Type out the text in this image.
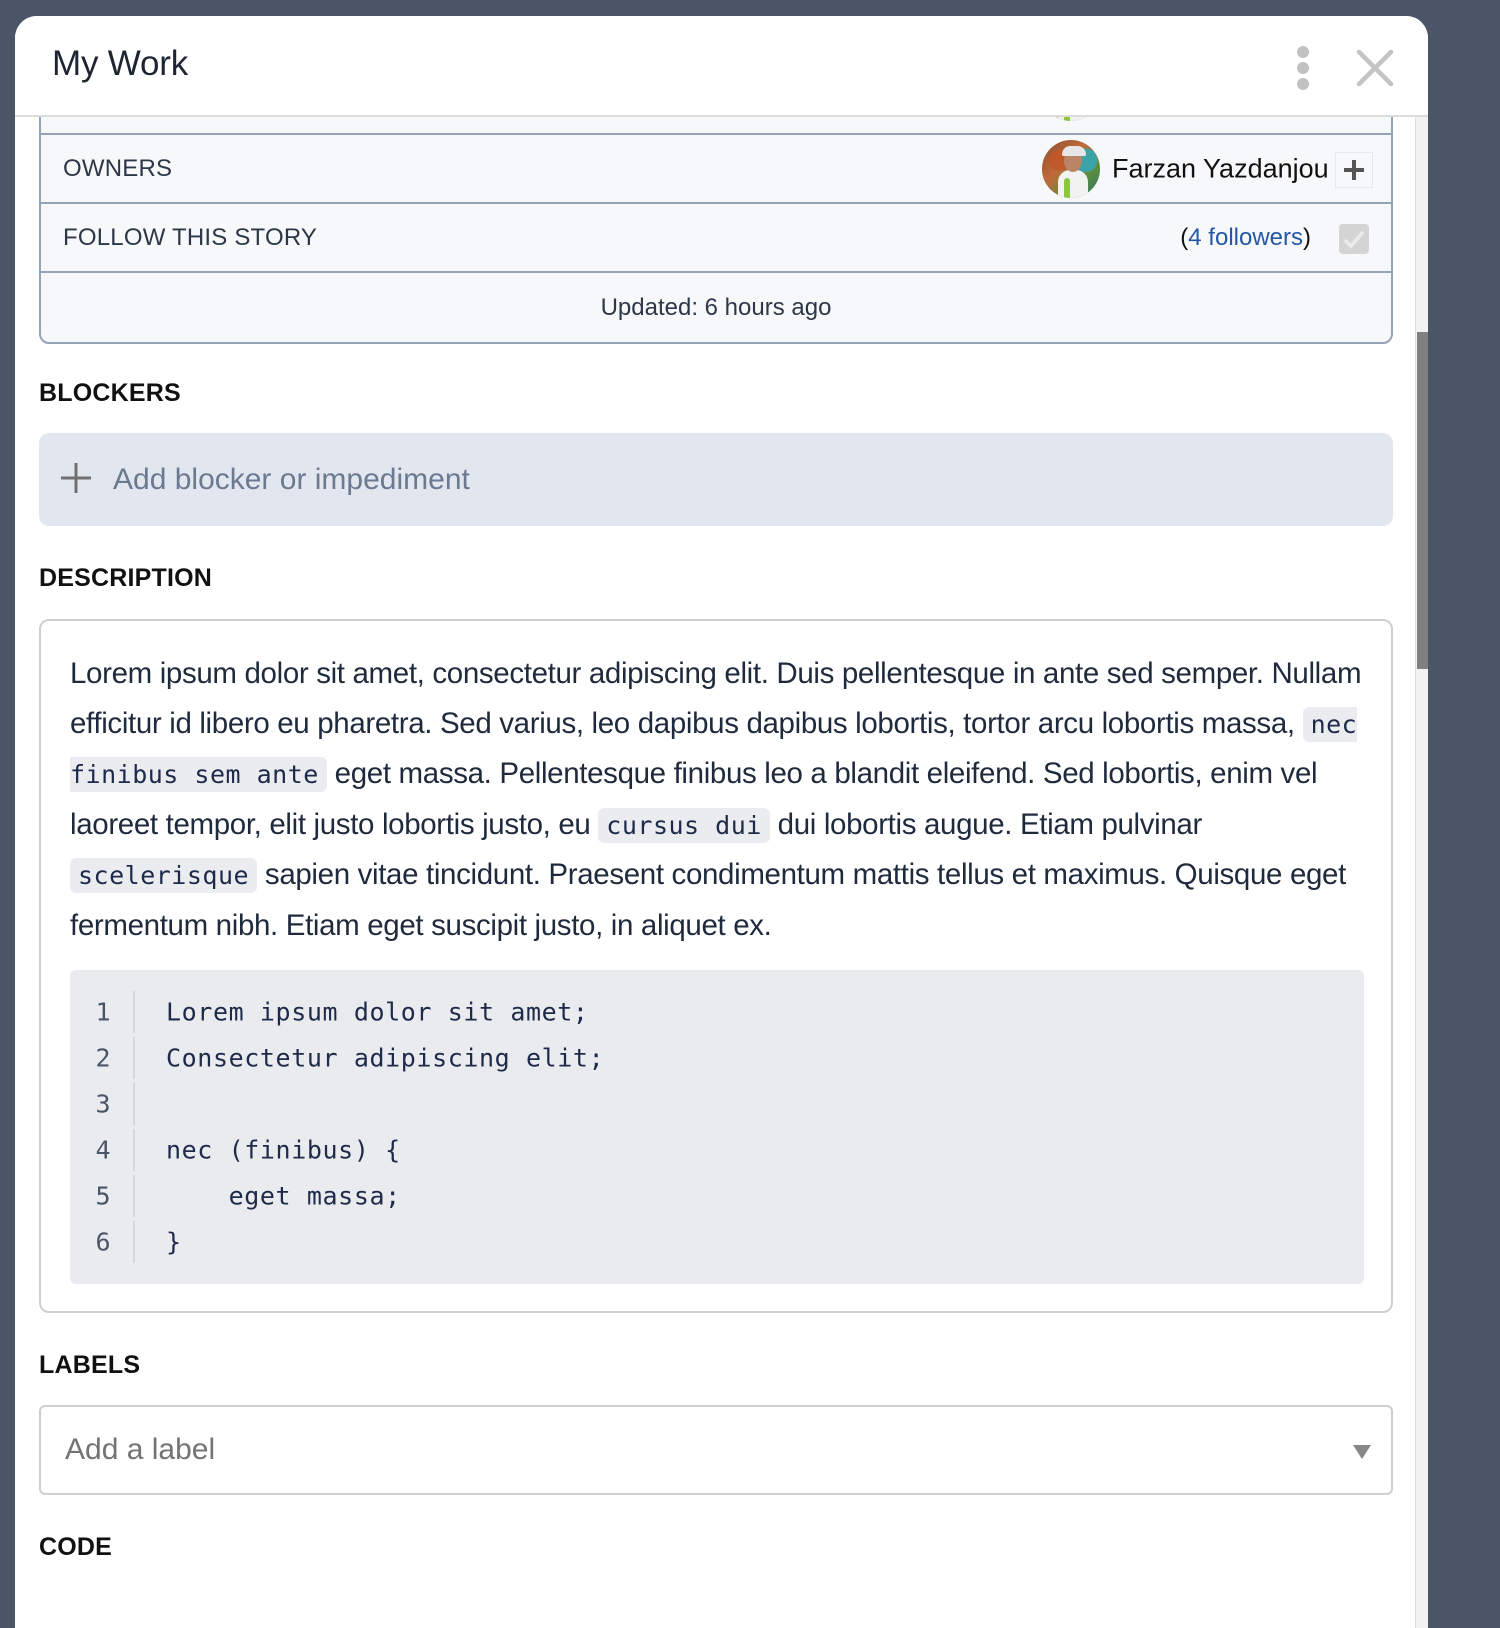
My Work
OWNERS	Farzan Yazdanjou
FOLLOW THIS STORY	(4 followers)
Updated: 6 hours ago
BLOCKERS
Add blocker or impediment
DESCRIPTION
Lorem ipsum dolor sit amet, consectetur adipiscing elit. Duis pellentesque in ante sed semper. Nullam efficitur id libero eu pharetra. Sed varius, leo dapibus dapibus lobortis, tortor arcu lobortis massa, nec finibus sem ante eget massa. Pellentesque finibus leo a blandit eleifend. Sed lobortis, enim vel laoreet tempor, elit justo lobortis justo, eu cursus dui dui lobortis augue. Etiam pulvinar scelerisque sapien vitae tincidunt. Praesent condimentum mattis tellus et maximus. Quisque eget fermentum nibh. Etiam eget suscipit justo, in aliquet ex.
1	Lorem ipsum dolor sit amet;
2	Consectetur adipiscing elit;
3
4	nec (finibus) {
5	eget massa;
6	}
LABELS
Add a label
CODE
